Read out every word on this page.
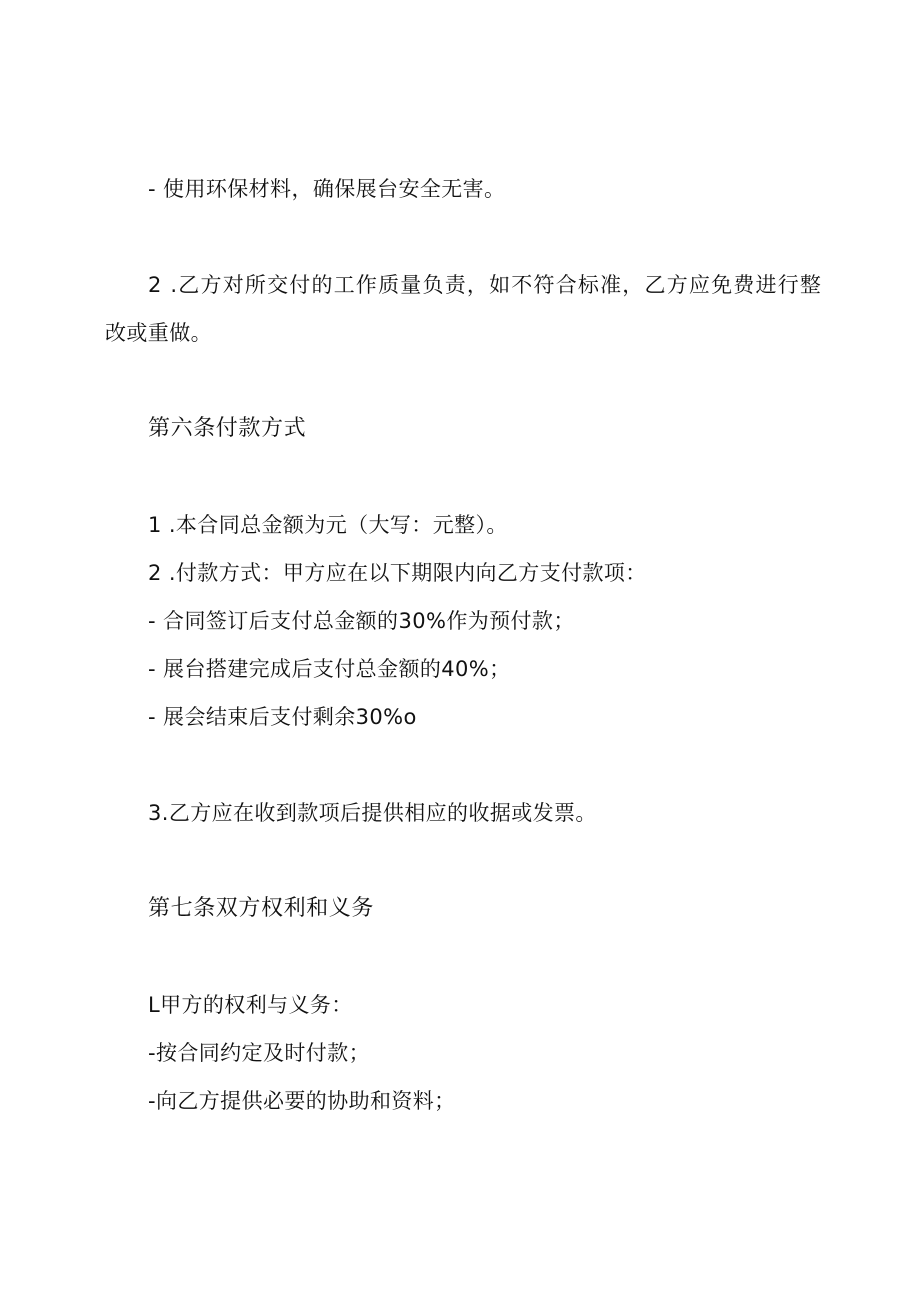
- 使用环保材料，确保展台安全无害。

2 .乙方对所交付的工作质量负责，如不符合标准，乙方应免费进行整

改或重做。

第六条付款方式

1 .本合同总金额为元（大写：元整）。

2 .付款方式：甲方应在以下期限内向乙方支付款项：

- 合同签订后支付总金额的30%作为预付款；

- 展台搭建完成后支付总金额的40%；

- 展会结束后支付剩余30%o

3.乙方应在收到款项后提供相应的收据或发票。

第七条双方权利和义务

L甲方的权利与义务：

-按合同约定及时付款；

-向乙方提供必要的协助和资料；
